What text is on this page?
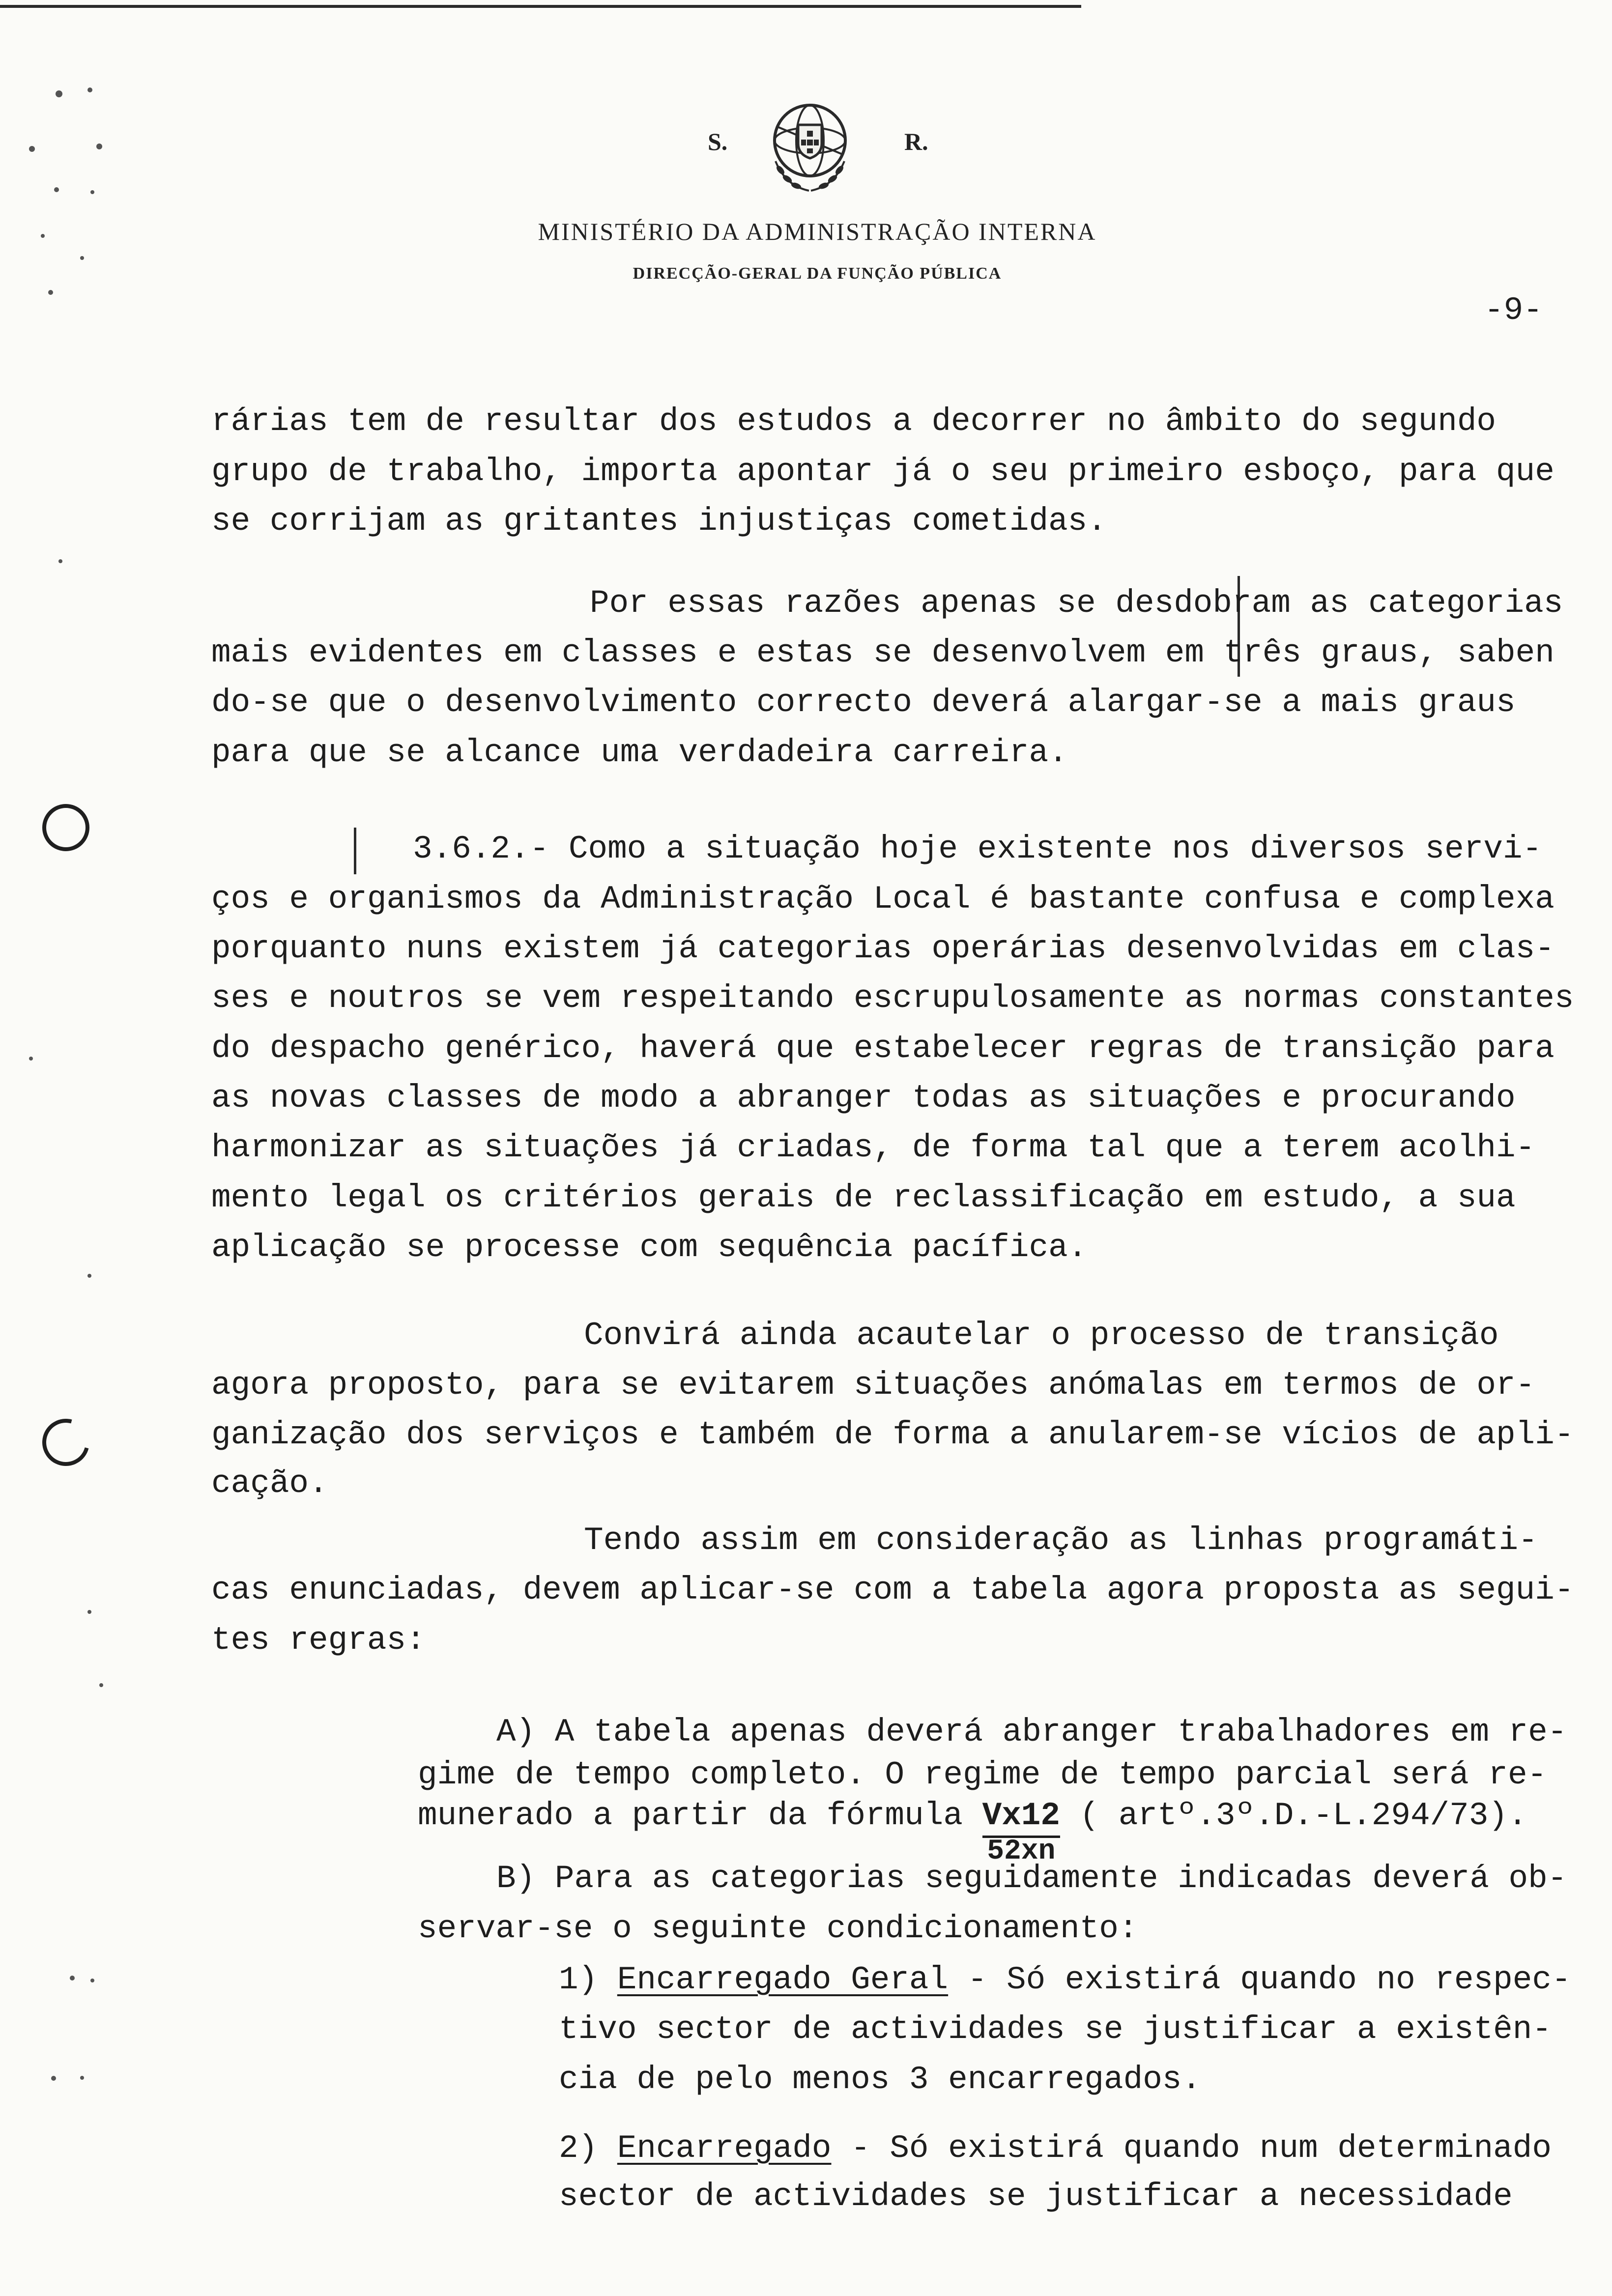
S.	R.
MINISTÉRIO DA ADMINISTRAÇÃO INTERNA
DIRECÇÃO-GERAL DA FUNÇÃO PÚBLICA
-9-
rárias tem de resultar dos estudos a decorrer no âmbito do segundo
grupo de trabalho, importa apontar já o seu primeiro esboço, para que
se corrijam as gritantes injustiças cometidas.
Por essas razões apenas se desdobram as categorias
mais evidentes em classes e estas se desenvolvem em três graus, saben
do-se que o desenvolvimento correcto deverá alargar-se a mais graus
para que se alcance uma verdadeira carreira.
3.6.2.- Como a situação hoje existente nos diversos servi-
ços e organismos da Administração Local é bastante confusa e complexa
porquanto nuns existem já categorias operárias desenvolvidas em clas-
ses e noutros se vem respeitando escrupulosamente as normas constantes
do despacho genérico, haverá que estabelecer regras de transição para
as novas classes de modo a abranger todas as situações e procurando
harmonizar as situações já criadas, de forma tal que a terem acolhi-
mento legal os critérios gerais de reclassificação em estudo, a sua
aplicação se processe com sequência pacífica.
Convirá ainda acautelar o processo de transição
agora proposto, para se evitarem situações anómalas em termos de or-
ganização dos serviços e também de forma a anularem-se vícios de apli-
cação.
Tendo assim em consideração as linhas programáti-
cas enunciadas, devem aplicar-se com a tabela agora proposta as segui-
tes regras:
A) A tabela apenas deverá abranger trabalhadores em re-
gime de tempo completo. O regime de tempo parcial será re-
munerado a partir da fórmula $\frac{Vx12}{52xn}$ ( artº.3º.D.-L.294/73).
B) Para as categorias seguidamente indicadas deverá ob-
servar-se o seguinte condicionamento:
1) Encarregado Geral - Só existirá quando no respec-
tivo sector de actividades se justificar a existên-
cia de pelo menos 3 encarregados.
2) Encarregado - Só existirá quando num determinado
sector de actividades se justificar a necessidade
